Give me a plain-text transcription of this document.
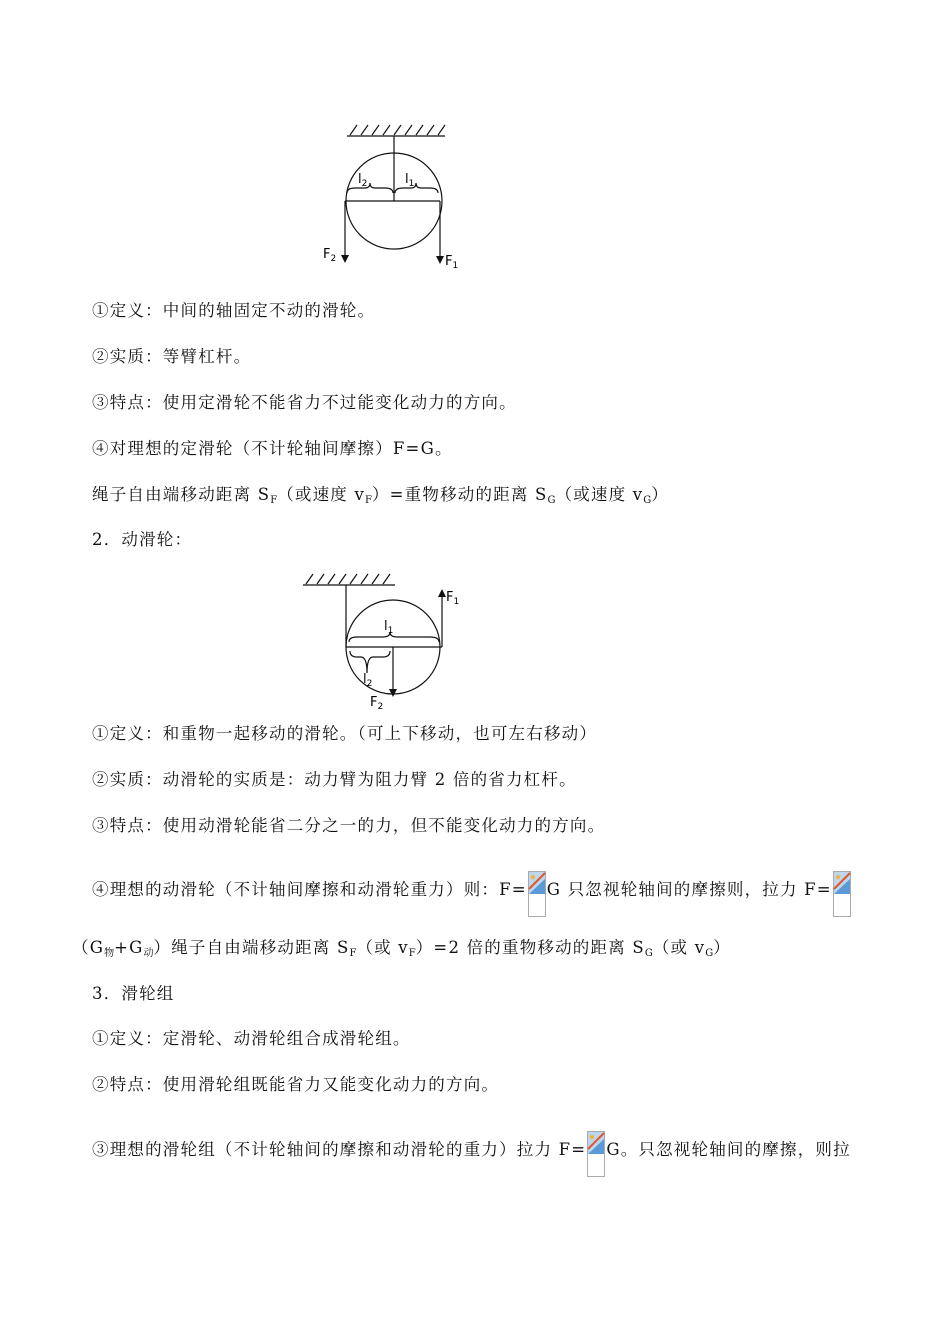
$l_2$	$l_1$
$F_2$	$F_1$
①定义：中间的轴固定不动的滑轮。
②实质：等臂杠杆。
③特点：使用定滑轮不能省力不过能变化动力的方向。
④对理想的定滑轮（不计轮轴间摩擦）F=G。
绳子自由端移动距离 SF（或速度 vF）=重物移动的距离 SG（或速度 vG）
2．动滑轮：
$l_1$
$l_2$
$F_1$
$F_2$
①定义：和重物一起移动的滑轮。（可上下移动，也可左右移动）
②实质：动滑轮的实质是：动力臂为阻力臂 2 倍的省力杠杆。
③特点：使用动滑轮能省二分之一的力，但不能变化动力的方向。
④理想的动滑轮（不计轴间摩擦和动滑轮重力）则：F= G 只忽视轮轴间的摩擦则，拉力 F=
（G物+G动）绳子自由端移动距离 SF（或 vF）=2 倍的重物移动的距离 SG（或 vG）
3．滑轮组
①定义：定滑轮、动滑轮组合成滑轮组。
②特点：使用滑轮组既能省力又能变化动力的方向。
③理想的滑轮组（不计轮轴间的摩擦和动滑轮的重力）拉力 F= G。只忽视轮轴间的摩擦，则拉
